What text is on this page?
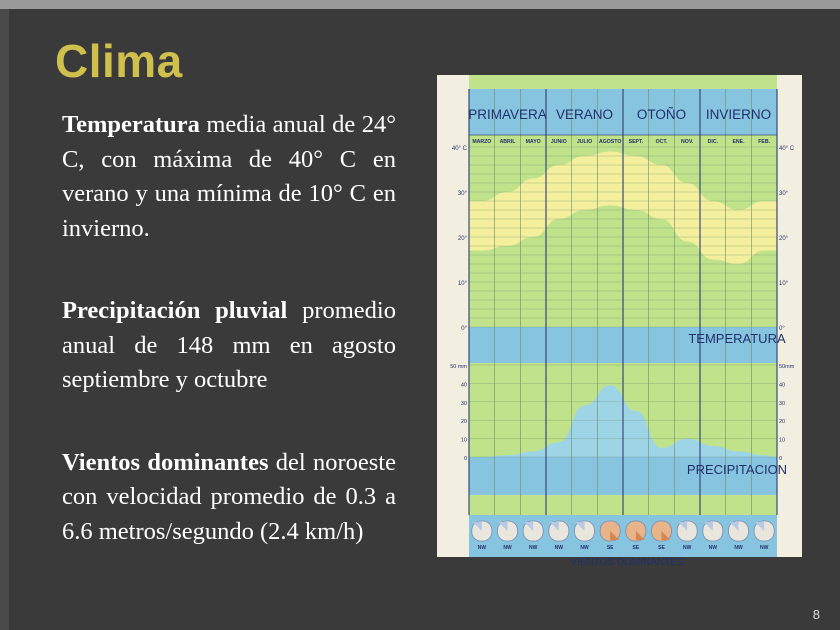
Clima

Temperatura media anual de 24° C, con máxima de 40° C en verano y una mínima de 10° C en invierno.

Precipitación pluvial promedio anual de 148 mm en agosto septiembre y octubre

Vientos dominantes del noroeste con velocidad promedio de 0.3 a 6.6 metros/segundo (2.4 km/h)

PRIMAVERA VERANO OTOÑO INVIERNO
MARZO ABRIL MAYO JUNIO JULIO AGOSTO SEPT. OCT.	NOV.	DIC.	ENE.	FEB.
40° C
30°
20°
10°
0°
40° C
30°
20°
10°
0°
50 mm
40
30
20
10
0
50mm
40
30
20
10
0
TEMPERATURA
PRECIPITACION
VIENTOS DOMINANTES
NW	NW	NW	NW	NW	SE	SE	SE	NW	NW	NW	NW
8
